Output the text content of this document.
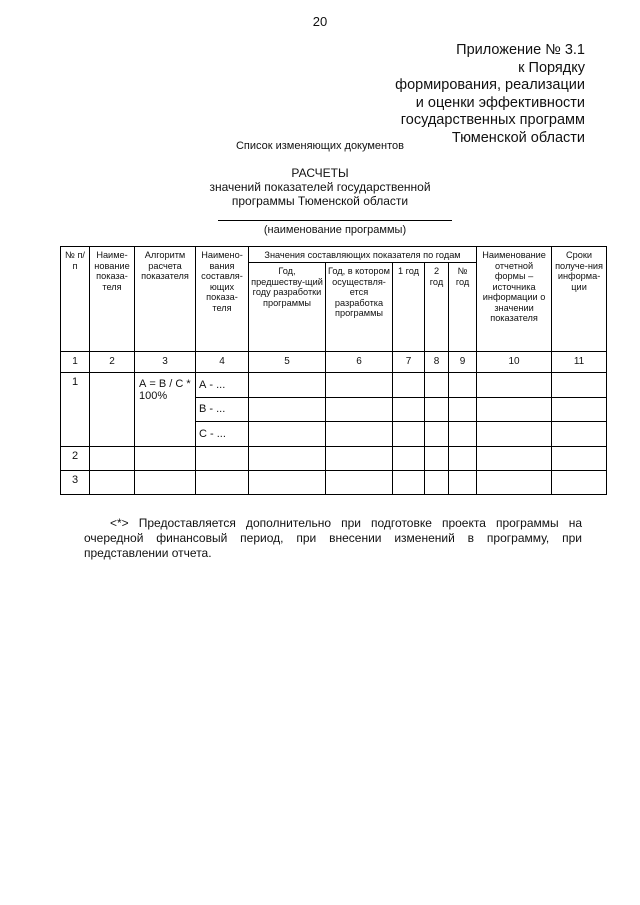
20
Приложение № 3.1
к Порядку
формирования, реализации
и оценки эффективности
государственных программ
Тюменской области
Список изменяющих документов
РАСЧЕТЫ
значений показателей государственной
программы Тюменской области
(наименование программы)
№ п/п	Наиме-нование показа-теля	Алгоритм расчета показателя	Наимено-вания составля-ющих показа-теля	Значения составляющих показателя по годам					Наименование отчетной формы – источника информации о значении показателя	Сроки получе-ния информа-ции
				Год, предшеству-щий году разработки программы	Год, в котором осуществля-ется разработка программы	1 год	2 год	№ год		
1	2	3	4	5	6	7	8	9	10	11
1		А = В / С * 100%	А - ...							
			В - ...							
			С - ...							
2										
3										
<*> Предоставляется дополнительно при подготовке проекта программы на очередной финансовый период, при внесении изменений в программу, при представлении отчета.
